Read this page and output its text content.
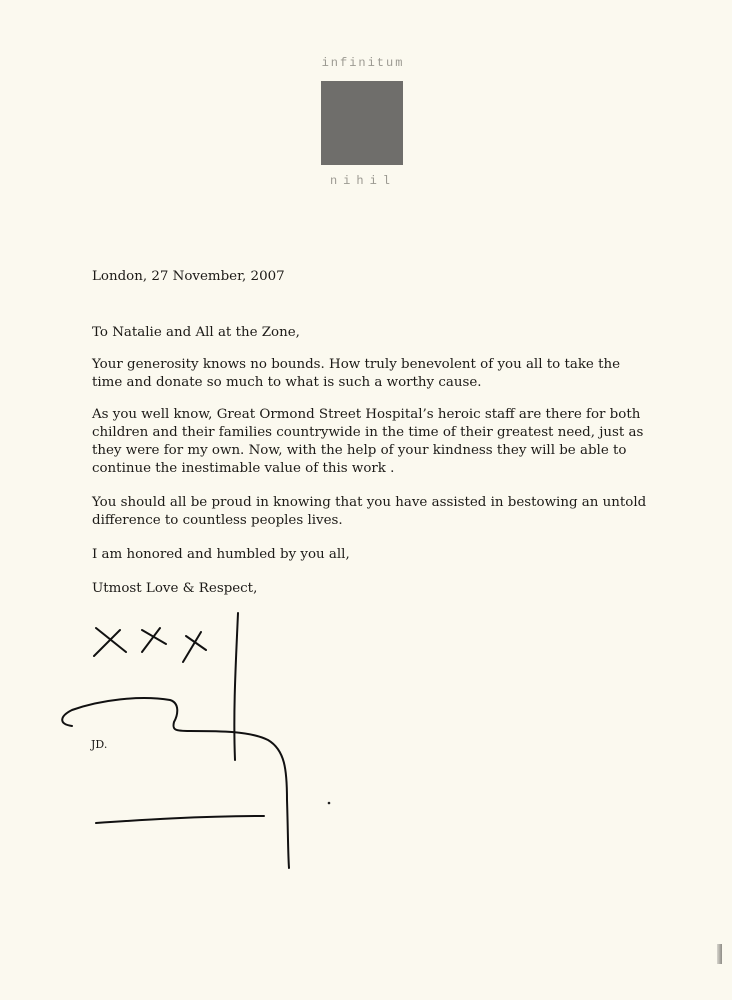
infinitum
nihil

London, 27 November, 2007

To Natalie and All at the Zone,

Your generosity knows no bounds. How truly benevolent of you all to take the time and donate so much to what is such a worthy cause.

As you well know, Great Ormond Street Hospital’s heroic staff are there for both children and their families countrywide in the time of their greatest need, just as they were for my own. Now, with the help of your kindness they will be able to continue the inestimable value of this work .

You should all be proud in knowing that you have assisted in bestowing an untold difference to countless peoples lives.

I am honored and humbled by you all,

Utmost Love & Respect,

JD.
